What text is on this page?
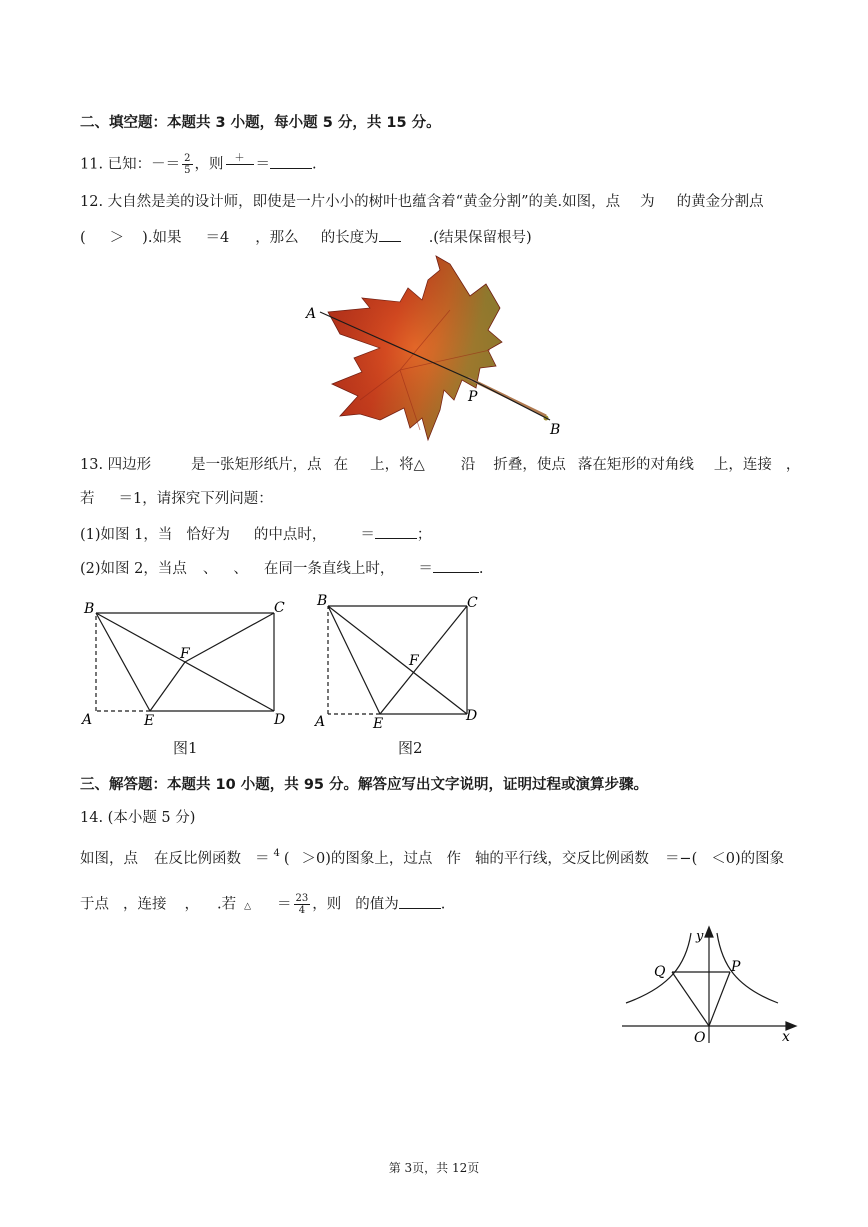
二、填空题：本题共 3 小题，每小题 5 分，共 15 分。
11. 已知：－＝ $\frac{2}{5}$ ，则	＋
＝	.
12. 大自然是美的设计师，即使是一片小小的树叶也蕴含着“黄金分割”的美.如图，点 为 的黄金分割点
( ＞ ).如果 ＝4 ，那么 的长度为	.(结果保留根号)
A
P
B
13. 四边形	是一张矩形纸片，点 在 上，将△ 沿 折叠，使点 落在矩形的对角线 上，连接 ，
若 ＝1，请探究下列问题：
(1)如图 1，当 恰好为 的中点时， ＝	；
(2)如图 2，当点 、 、 在同一条直线上时， ＝	.
B	C
F
A	E	D
图1
B	C
F
A	E	D
图2
三、解答题：本题共 10 小题，共 95 分。解答应写出文字说明，证明过程或演算步骤。
14. (本小题 5 分)
如图，点 在反比例函数 ＝ 4
( ＞0)的图象上，过点 作 轴的平行线，交反比例函数 ＝−( ＜0)的图象
于点 ，连接 ， .若 △ ＝ $\frac{23}{4}$ ，则 的值为	.
y
Q	P
O	x
第 3页，共 12页
